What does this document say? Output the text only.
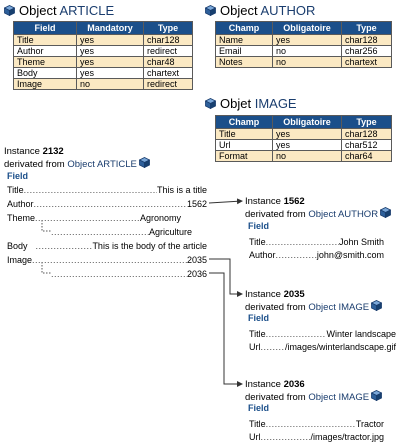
Object ARTICLE
Field	Mandatory	Type
Title	yes	char128
Author	yes	redirect
Theme	yes	char48
Body	yes	chartext
Image	no	redirect
Object AUTHOR
Champ	Obligatoire	Type
Name	yes	char128
Email	no	char256
Notes	no	chartext
Objet IMAGE
Champ	Obligatoire	Type
Title	yes	char128
Url	yes	char512
Format	no	char64
Instance 2132
derivated from Object ARTICLE
Field
Title .....	This is a title
Author .....	1562
Theme .....	Agronomy
.....
Agriculture
Body .....	This is the body of the article
Image .....	2035
.....
2036
Instance 1562
derivated from Object AUTHOR
Field
Title .....	John Smith
Author .....	john@smith.com
Instance 2035
derivated from Object IMAGE
Field
Title .....	Winter landscape
Url .....	/images/winterlandscape.gif
Instance 2036
derivated from Object IMAGE
Field
Title .....	Tractor
Url .....	/images/tractor.jpg
